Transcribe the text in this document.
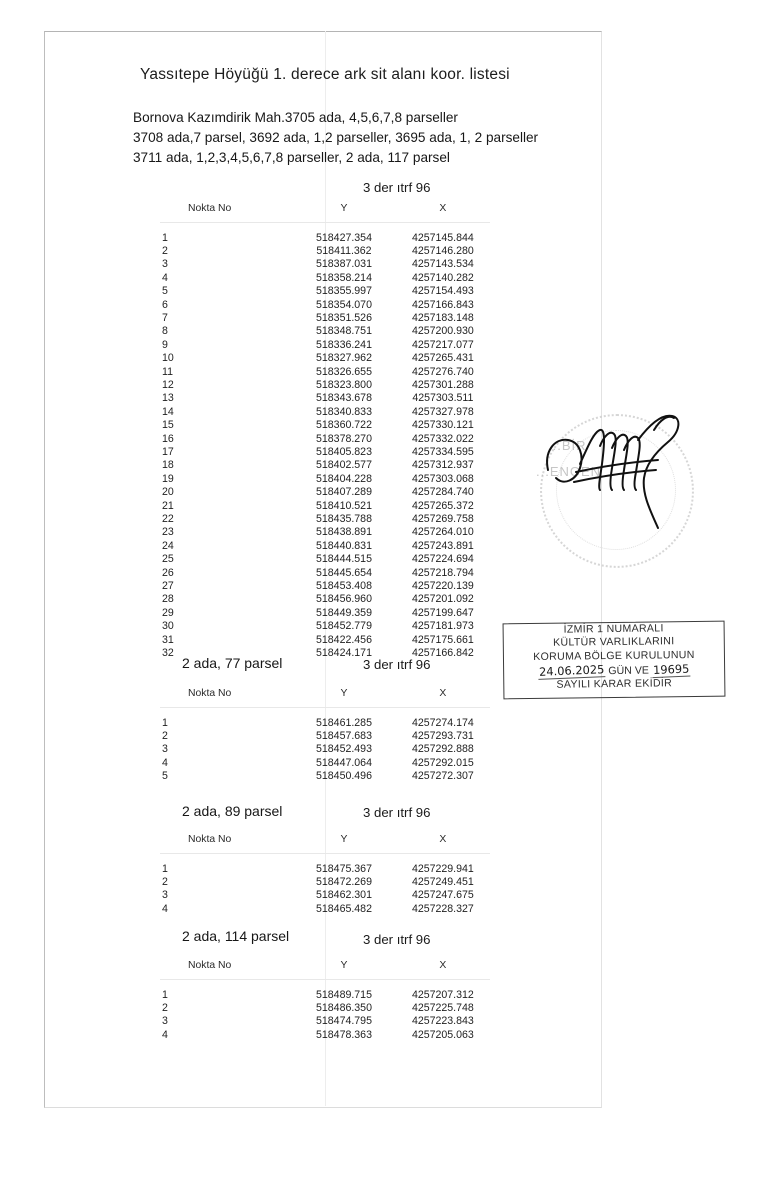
Yassıtepe Höyüğü 1. derece ark sit alanı koor. listesi
Bornova Kazımdirik Mah.3705 ada, 4,5,6,7,8 parseller
3708 ada,7 parsel, 3692 ada, 1,2 parseller, 3695 ada, 1, 2 parseller
3711 ada, 1,2,3,4,5,6,7,8 parseller, 2 ada, 117 parsel
3 der ıtrf 96
Nokta No	Y	X

1	518427.354	4257145.844
2	518411.362	4257146.280
3	518387.031	4257143.534
4	518358.214	4257140.282
5	518355.997	4257154.493
6	518354.070	4257166.843
7	518351.526	4257183.148
8	518348.751	4257200.930
9	518336.241	4257217.077
10	518327.962	4257265.431
11	518326.655	4257276.740
12	518323.800	4257301.288
13	518343.678	4257303.511
14	518340.833	4257327.978
15	518360.722	4257330.121
16	518378.270	4257332.022
17	518405.823	4257334.595
18	518402.577	4257312.937
19	518404.228	4257303.068
20	518407.289	4257284.740
21	518410.521	4257265.372
22	518435.788	4257269.758
23	518438.891	4257264.010
24	518440.831	4257243.891
25	518444.515	4257224.694
26	518445.654	4257218.794
27	518453.408	4257220.139
28	518456.960	4257201.092
29	518449.359	4257199.647
30	518452.779	4257181.973
31	518422.456	4257175.661
32	518424.171	4257166.842
2 ada, 77 parsel	3 der ıtrf 96
Nokta No	Y	X

1	518461.285	4257274.174
2	518457.683	4257293.731
3	518452.493	4257292.888
4	518447.064	4257292.015
5	518450.496	4257272.307
2 ada, 89 parsel	3 der ıtrf 96
Nokta No	Y	X

1	518475.367	4257229.941
2	518472.269	4257249.451
3	518462.301	4257247.675
4	518465.482	4257228.327
2 ada, 114 parsel	3 der ıtrf 96
Nokta No	Y	X

1	518489.715	4257207.312
2	518486.350	4257225.748
3	518474.795	4257223.843
4	518478.363	4257205.063
...BİR
...ENGEN
İZMİR 1 NUMARALI
KÜLTÜR VARLIKLARINI
KORUMA BÖLGE KURULUNUN
24.06.2025 GÜN VE 19695
SAYILI KARAR EKİDİR
